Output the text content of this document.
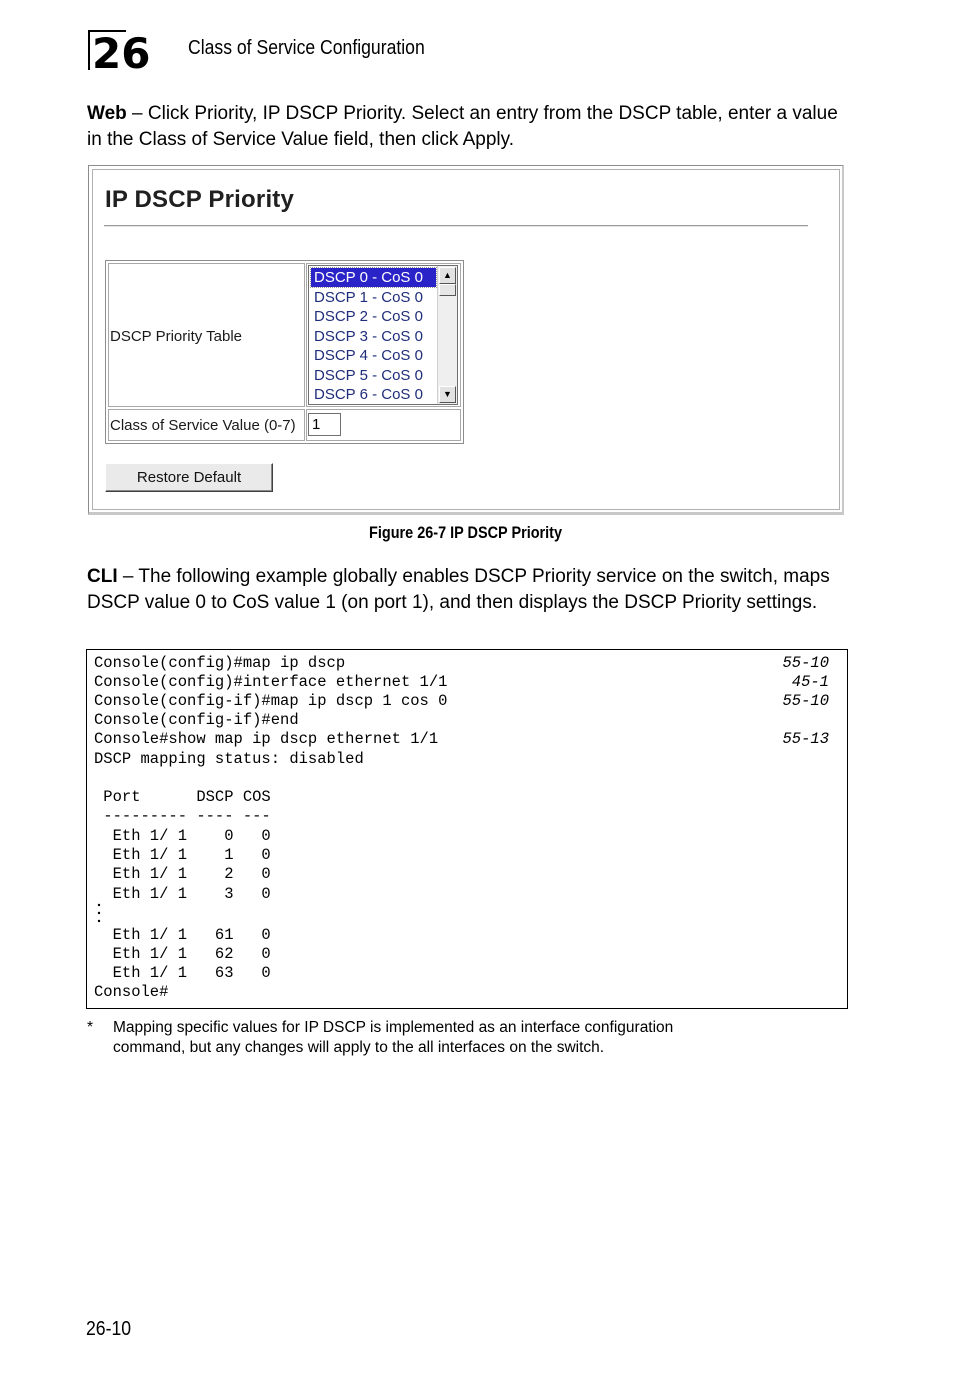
26 Class of Service Configuration
Web – Click Priority, IP DSCP Priority. Select an entry from the DSCP table, enter a value in the Class of Service Value field, then click Apply.
IP DSCP Priority
DSCP Priority Table
Class of Service Value (0-7)
DSCP 0 - CoS 0
DSCP 1 - CoS 0
DSCP 2 - CoS 0
DSCP 3 - CoS 0
DSCP 4 - CoS 0
DSCP 5 - CoS 0
DSCP 6 - CoS 0
▲
▼
1
Restore Default
Figure 26-7 IP DSCP Priority
CLI – The following example globally enables DSCP Priority service on the switch, maps DSCP value 0 to CoS value 1 (on port 1), and then displays the DSCP Priority settings.
Console(config)#map ip dscp
Console(config)#interface ethernet 1/1
Console(config-if)#map ip dscp 1 cos 0
Console(config-if)#end
Console#show map ip dscp ethernet 1/1
DSCP mapping status: disabled
Port      DSCP COS
--------- ---- ---
Eth 1/ 1    0   0
Eth 1/ 1    1   0
Eth 1/ 1    2   0
Eth 1/ 1    3   0
Eth 1/ 1   61   0
Eth 1/ 1   62   0
Eth 1/ 1   63   0
Console#
55-10
45-1
55-10
55-13
* Mapping specific values for IP DSCP is implemented as an interface configuration
command, but any changes will apply to the all interfaces on the switch.
26-10
